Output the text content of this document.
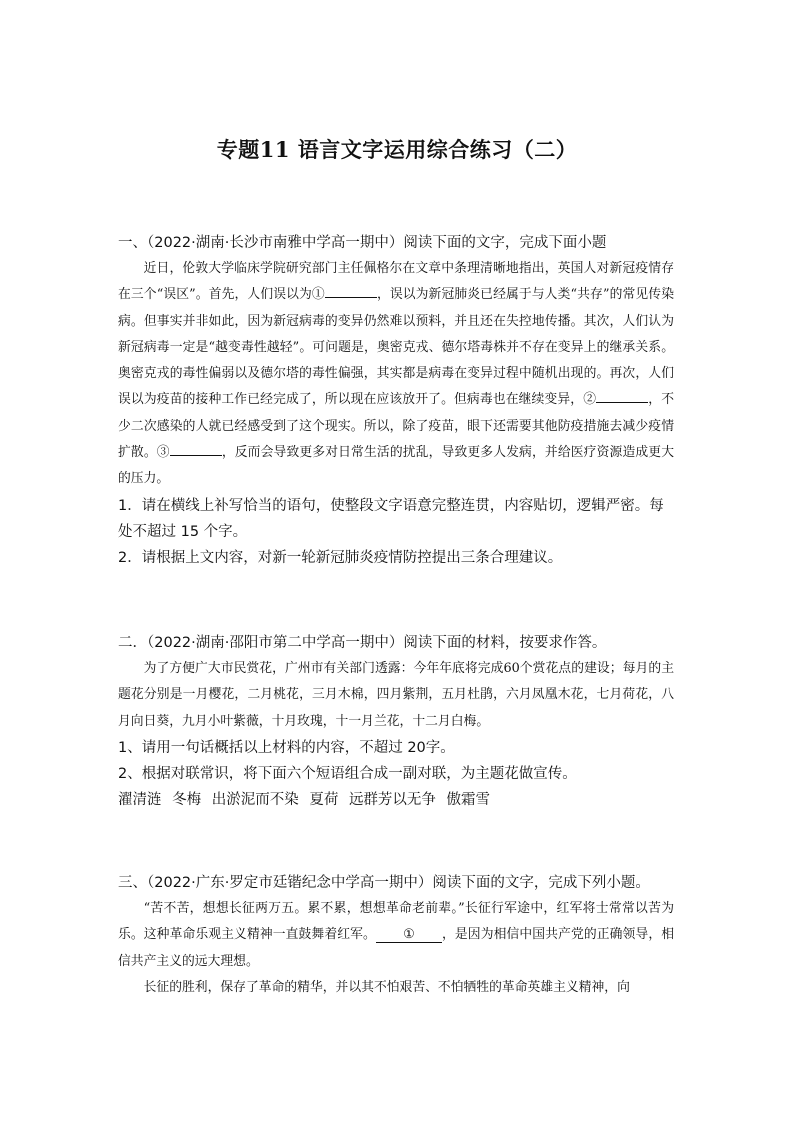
专题11 语言文字运用综合练习（二）
一、（2022·湖南·长沙市南雅中学高一期中）阅读下面的文字，完成下面小题

近日，伦敦大学临床学院研究部门主任佩格尔在文章中条理清晰地指出，英国人对新冠疫情存在三个“误区”。首先，人们误以为①	，误以为新冠肺炎已经属于与人类“共存”的常见传染病。但事实并非如此，因为新冠病毒的变异仍然难以预料，并且还在失控地传播。其次，人们认为新冠病毒一定是“越变毒性越轻”。可问题是，奥密克戎、德尔塔毒株并不存在变异上的继承关系。奥密克戎的毒性偏弱以及德尔塔的毒性偏强，其实都是病毒在变异过程中随机出现的。再次，人们误以为疫苗的接种工作已经完成了，所以现在应该放开了。但病毒也在继续变异，②	，不少二次感染的人就已经感受到了这个现实。所以，除了疫苗，眼下还需要其他防疫措施去减少疫情扩散。③	，反而会导致更多对日常生活的扰乱，导致更多人发病，并给医疗资源造成更大的压力。

1．请在横线上补写恰当的语句，使整段文字语意完整连贯，内容贴切，逻辑严密。每处不超过 15 个字。
2．请根据上文内容，对新一轮新冠肺炎疫情防控提出三条合理建议。
二．（2022·湖南·邵阳市第二中学高一期中）阅读下面的材料，按要求作答。

为了方便广大市民赏花，广州市有关部门透露：今年年底将完成60个赏花点的建设；每月的主题花分别是一月樱花，二月桃花，三月木棉，四月紫荆，五月杜鹃，六月凤凰木花，七月荷花，八月向日葵，九月小叶紫薇，十月玫瑰，十一月兰花，十二月白梅。

1、请用一句话概括以上材料的内容，不超过 20字。
2、根据对联常识，将下面六个短语组合成一副对联，为主题花做宣传。
濯清涟 冬梅 出淤泥而不染 夏荷 远群芳以无争 傲霜雪
三、（2022·广东·罗定市廷锴纪念中学高一期中）阅读下面的文字，完成下列小题。

“苦不苦，想想长征两万五。累不累，想想革命老前辈。”长征行军途中，红军将士常常以苦为乐。这种革命乐观主义精神一直鼓舞着红军。 ① ，是因为相信中国共产党的正确领导，相信共产主义的远大理想。

长征的胜利，保存了革命的精华，并以其不怕艰苦、不怕牺牲的革命英雄主义精神，向
